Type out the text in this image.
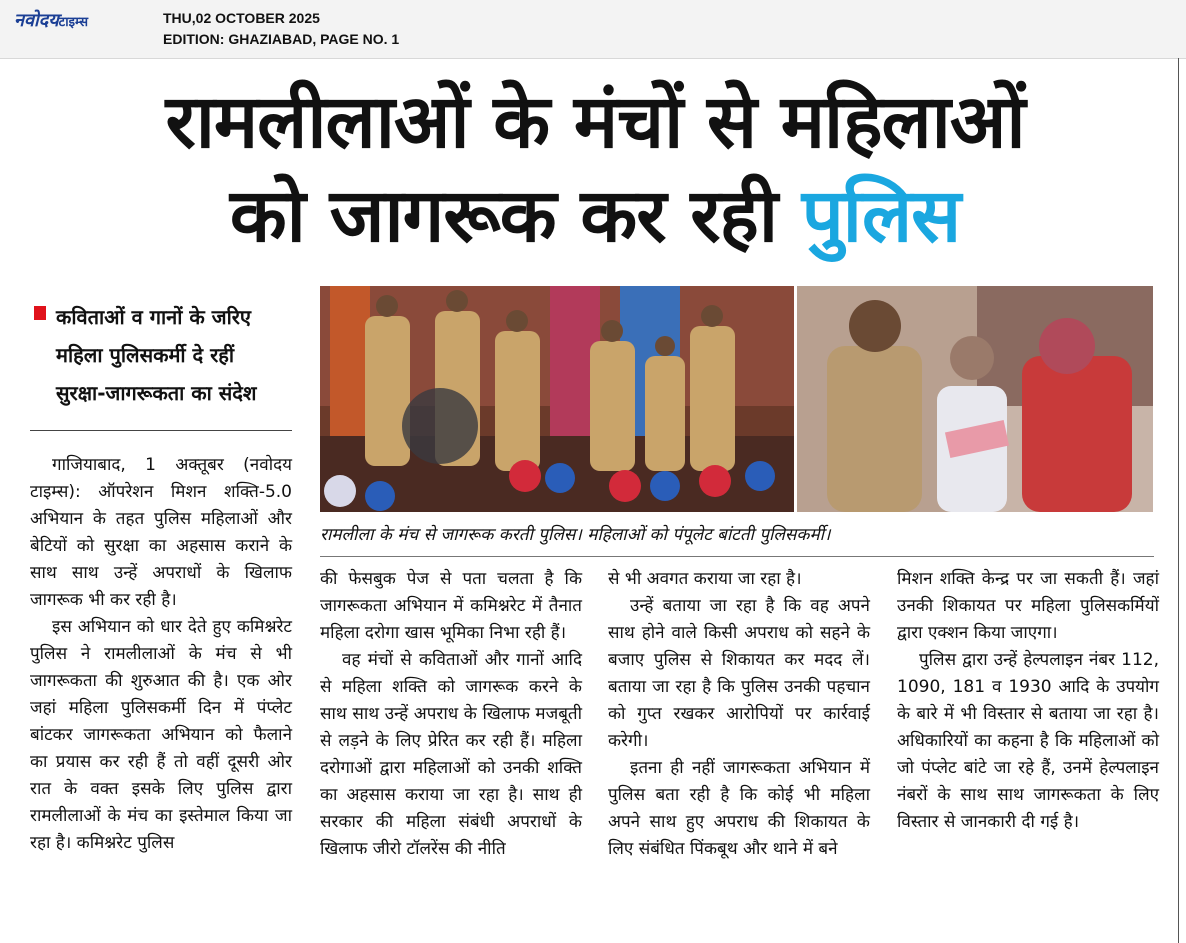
नवोदयटाइम्स	THU,02 OCTOBER 2025
EDITION: GHAZIABAD, PAGE NO. 1
रामलीलाओं के मंचों से महिलाओं
को जागरूक कर रही पुलिस
कविताओं व गानों के जरिए
महिला पुलिसकर्मी दे रहीं
सुरक्षा-जागरूकता का संदेश
रामलीला के मंच से जागरूक करती पुलिस। महिलाओं को पंपूलेट बांटती पुलिसकर्मी।

गाजियाबाद, 1 अक्तूबर (नवोदय टाइम्स): ऑपरेशन मिशन शक्ति-5.0 अभियान के तहत पुलिस महिलाओं और बेटियों को सुरक्षा का अहसास कराने के साथ साथ उन्हें अपराधों के खिलाफ जागरूक भी कर रही है।

इस अभियान को धार देते हुए कमिश्नरेट पुलिस ने रामलीलाओं के मंच से भी जागरूकता की शुरुआत की है। एक ओर जहां महिला पुलिसकर्मी दिन में पंप्लेट बांटकर जागरूकता अभियान को फैलाने का प्रयास कर रही हैं तो वहीं दूसरी ओर रात के वक्त इसके लिए पुलिस द्वारा रामलीलाओं के मंच का इस्तेमाल किया जा रहा है। कमिश्नरेट पुलिस

की फेसबुक पेज से पता चलता है कि जागरूकता अभियान में कमिश्नरेट में तैनात महिला दरोगा खास भूमिका निभा रही हैं।

वह मंचों से कविताओं और गानों आदि से महिला शक्ति को जागरूक करने के साथ साथ उन्हें अपराध के खिलाफ मजबूती से लड़ने के लिए प्रेरित कर रही हैं। महिला दरोगाओं द्वारा महिलाओं को उनकी शक्ति का अहसास कराया जा रहा है। साथ ही सरकार की महिला संबंधी अपराधों के खिलाफ जीरो टॉलरेंस की नीति

से भी अवगत कराया जा रहा है।

उन्हें बताया जा रहा है कि वह अपने साथ होने वाले किसी अपराध को सहने के बजाए पुलिस से शिकायत कर मदद लें। बताया जा रहा है कि पुलिस उनकी पहचान को गुप्त रखकर आरोपियों पर कार्रवाई करेगी।

इतना ही नहीं जागरूकता अभियान में पुलिस बता रही है कि कोई भी महिला अपने साथ हुए अपराध की शिकायत के लिए संबंधित पिंकबूथ और थाने में बने

मिशन शक्ति केन्द्र पर जा सकती हैं। जहां उनकी शिकायत पर महिला पुलिसकर्मियों द्वारा एक्शन किया जाएगा।

पुलिस द्वारा उन्हें हेल्पलाइन नंबर 112, 1090, 181 व 1930 आदि के उपयोग के बारे में भी विस्तार से बताया जा रहा है। अधिकारियों का कहना है कि महिलाओं को जो पंप्लेट बांटे जा रहे हैं, उनमें हेल्पलाइन नंबरों के साथ साथ जागरूकता के लिए विस्तार से जानकारी दी गई है।
